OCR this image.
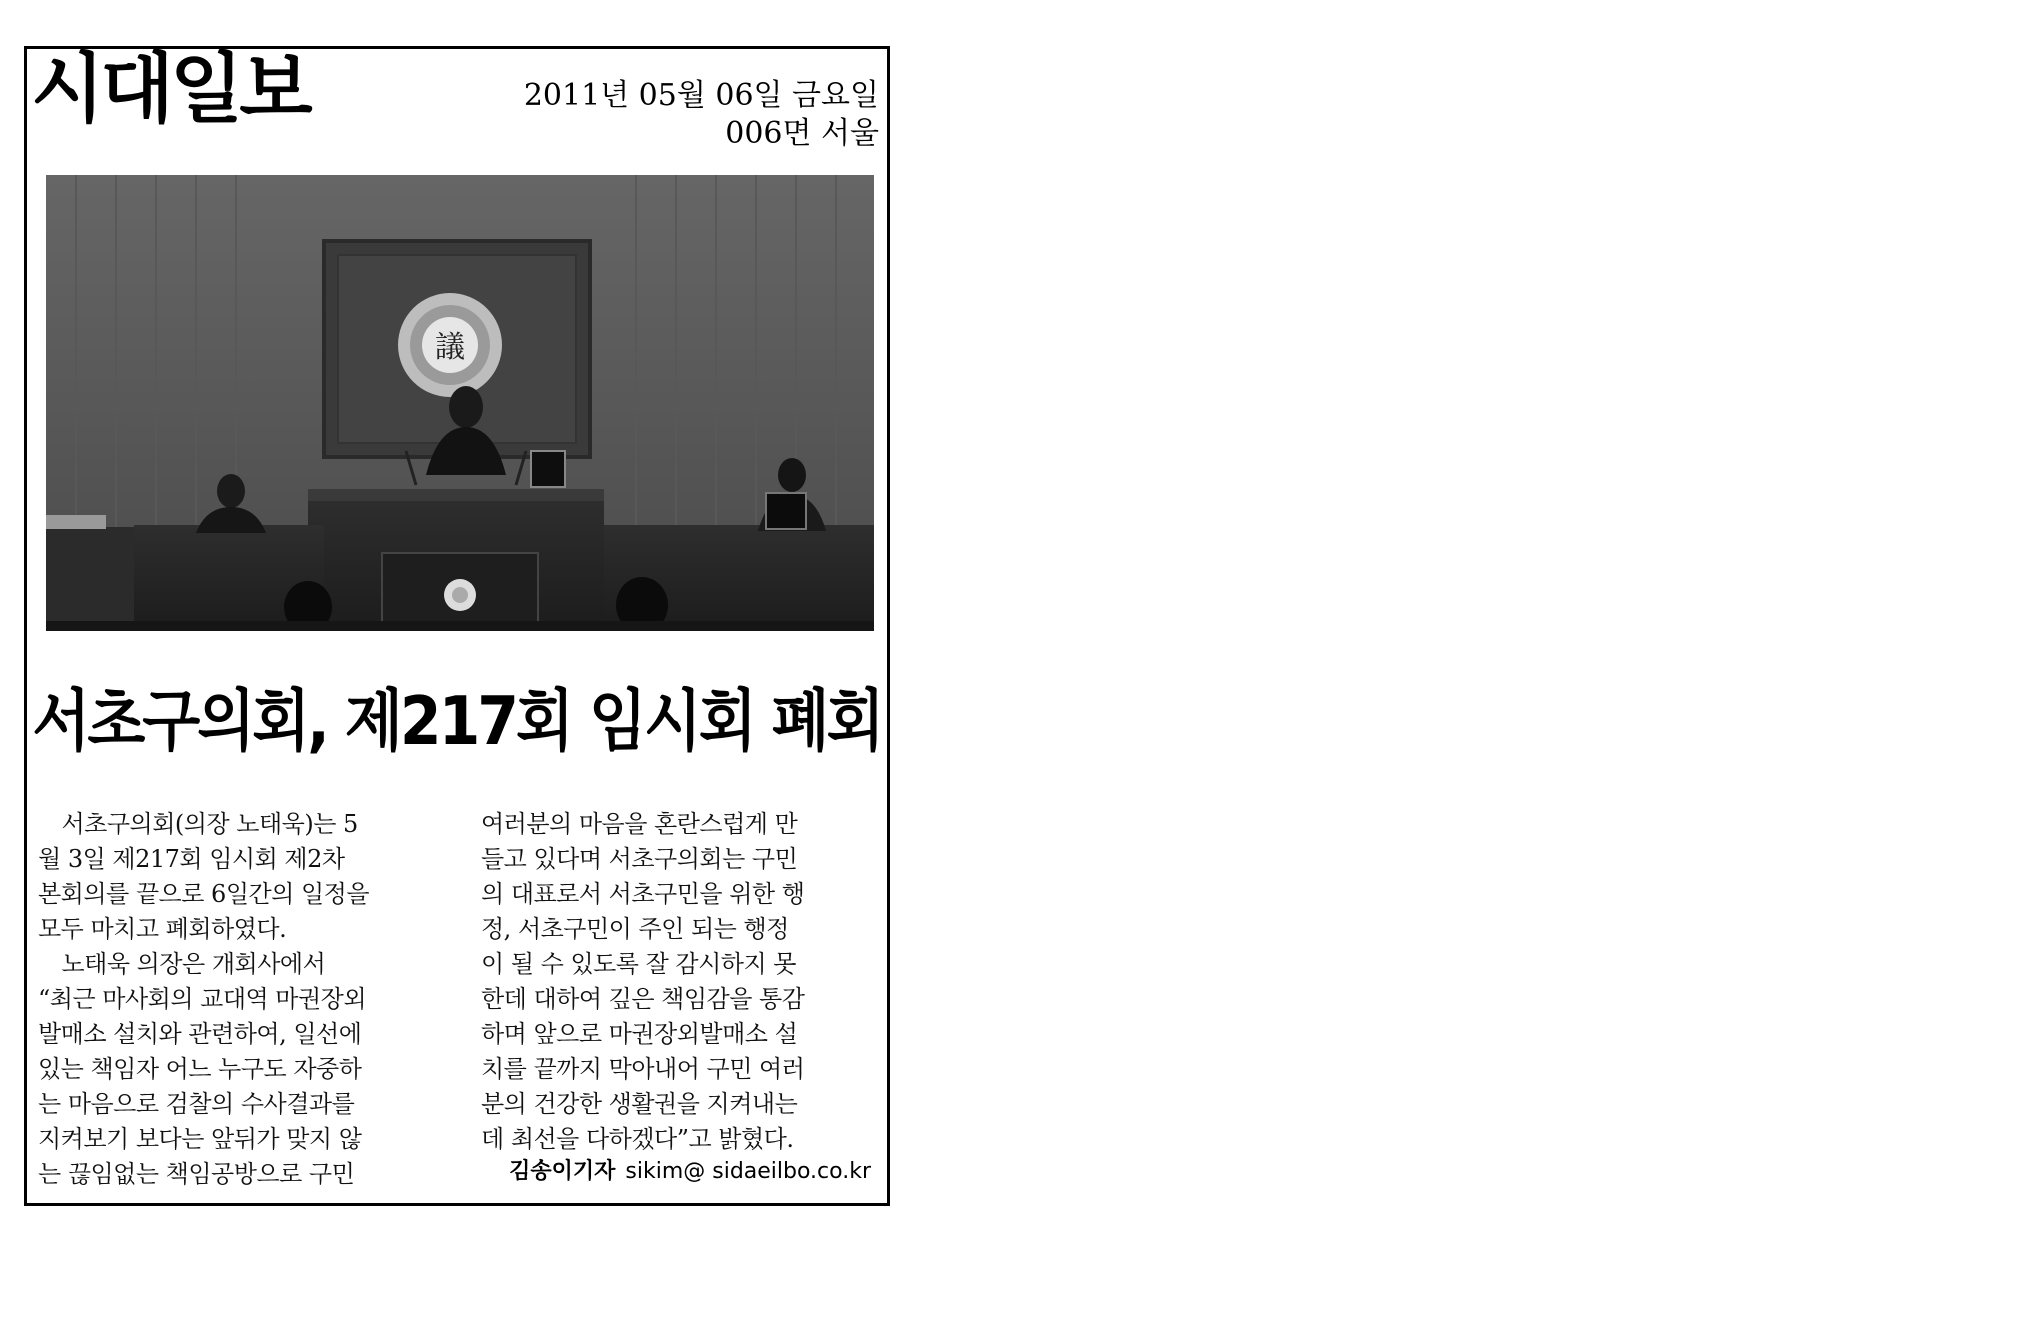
시대일보	2011년 05월 06일 금요일
006면 서울
議
서초구의회, 제217회 임시회 폐회
　서초구의회(의장 노태욱)는 5
월 3일 제217회 임시회 제2차
본회의를 끝으로 6일간의 일정을
모두 마치고 폐회하였다.
　노태욱 의장은 개회사에서
“최근 마사회의 교대역 마권장외
발매소 설치와 관련하여, 일선에
있는 책임자 어느 누구도 자중하
는 마음으로 검찰의 수사결과를
지켜보기 보다는 앞뒤가 맞지 않
는 끊임없는 책임공방으로 구민
여러분의 마음을 혼란스럽게 만
들고 있다며 서초구의회는 구민
의 대표로서 서초구민을 위한 행
정, 서초구민이 주인 되는 행정
이 될 수 있도록 잘 감시하지 못
한데 대하여 깊은 책임감을 통감
하며 앞으로 마권장외발매소 설
치를 끝까지 막아내어 구민 여러
분의 건강한 생활권을 지켜내는
데 최선을 다하겠다”고 밝혔다.
김송이기자 sikim@ sidaeilbo.co.kr
